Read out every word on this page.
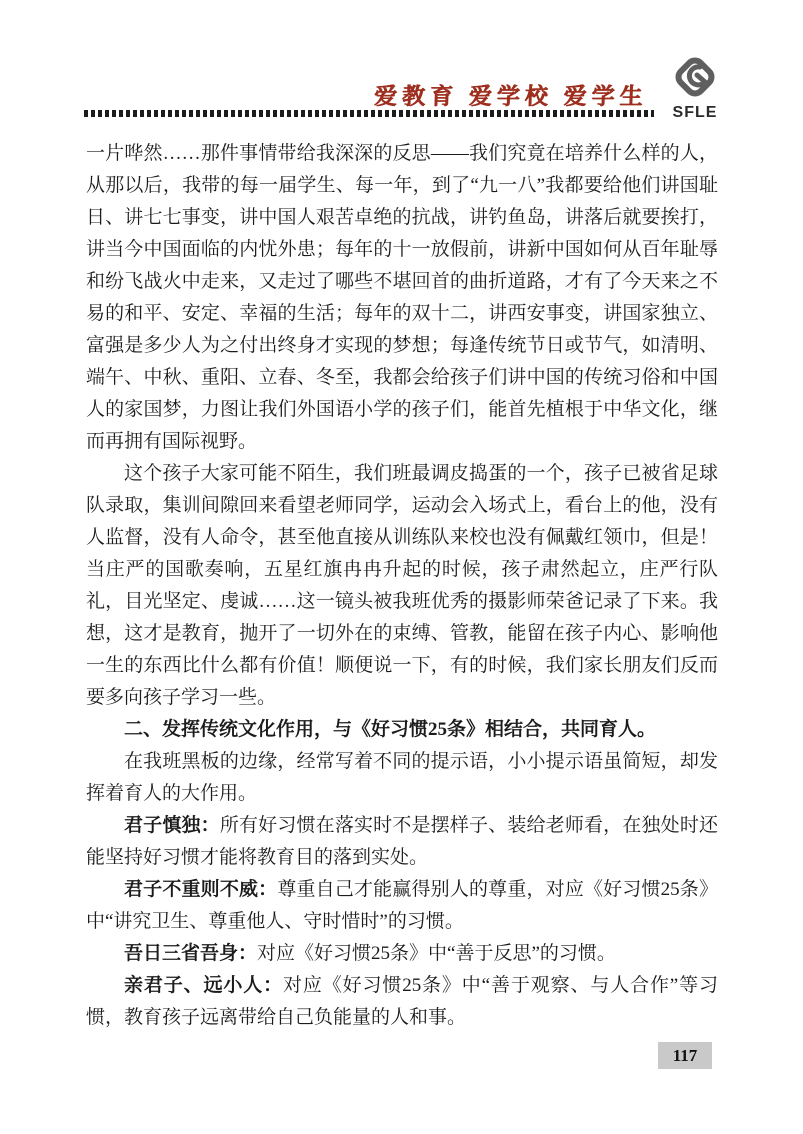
爱教育 爱学校 爱学生
SFLE

一片哗然……那件事情带给我深深的反思——我们究竟在培养什么样的人，从那以后，我带的每一届学生、每一年，到了“九一八”我都要给他们讲国耻日、讲七七事变，讲中国人艰苦卓绝的抗战，讲钓鱼岛，讲落后就要挨打，讲当今中国面临的内忧外患；每年的十一放假前，讲新中国如何从百年耻辱和纷飞战火中走来，又走过了哪些不堪回首的曲折道路，才有了今天来之不易的和平、安定、幸福的生活；每年的双十二，讲西安事变，讲国家独立、富强是多少人为之付出终身才实现的梦想；每逢传统节日或节气，如清明、端午、中秋、重阳、立春、冬至，我都会给孩子们讲中国的传统习俗和中国人的家国梦，力图让我们外国语小学的孩子们，能首先植根于中华文化，继而再拥有国际视野。

这个孩子大家可能不陌生，我们班最调皮捣蛋的一个，孩子已被省足球队录取，集训间隙回来看望老师同学，运动会入场式上，看台上的他，没有人监督，没有人命令，甚至他直接从训练队来校也没有佩戴红领巾，但是！当庄严的国歌奏响，五星红旗冉冉升起的时候，孩子肃然起立，庄严行队礼，目光坚定、虔诚……这一镜头被我班优秀的摄影师荣爸记录了下来。我想，这才是教育，抛开了一切外在的束缚、管教，能留在孩子内心、影响他一生的东西比什么都有价值！顺便说一下，有的时候，我们家长朋友们反而要多向孩子学习一些。

二、发挥传统文化作用，与《好习惯25条》相结合，共同育人。

在我班黑板的边缘，经常写着不同的提示语，小小提示语虽简短，却发挥着育人的大作用。

君子慎独：所有好习惯在落实时不是摆样子、装给老师看，在独处时还能坚持好习惯才能将教育目的落到实处。

君子不重则不威：尊重自己才能赢得别人的尊重，对应《好习惯25条》中“讲究卫生、尊重他人、守时惜时”的习惯。

吾日三省吾身：对应《好习惯25条》中“善于反思”的习惯。

亲君子、远小人：对应《好习惯25条》中“善于观察、与人合作”等习惯，教育孩子远离带给自己负能量的人和事。

117
